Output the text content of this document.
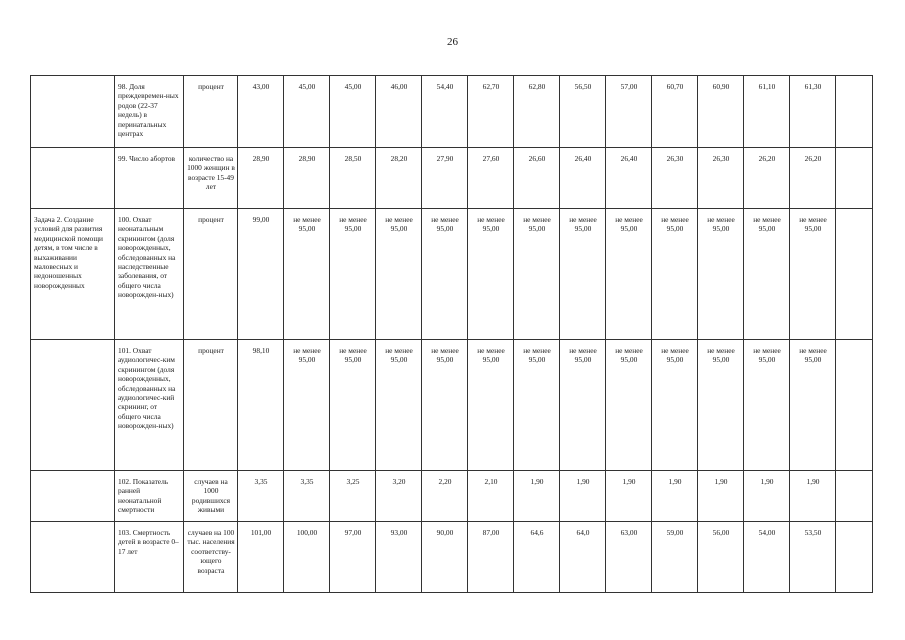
26
	98. Доля преждевремен-ных родов (22-37 недель) в перинатальных центрах	процент	43,00	45,00	45,00	46,00	54,40	62,70	62,80	56,50	57,00	60,70	60,90	61,10	61,30	
	99. Число абортов	количество на 1000 женщин в возрасте 15-49 лет	28,90	28,90	28,50	28,20	27,90	27,60	26,60	26,40	26,40	26,30	26,30	26,20	26,20	

Задача 2. Создание условий для развития медицинской помощи детям, в том числе в выхаживании маловесных и недоношенных новорожденных	100. Охват неонатальным скринингом (доля новорожденных, обследованных на наследственные заболевания, от общего числа новорожден-ных)	процент	99,00	не менее 95,00	не менее 95,00	не менее 95,00	не менее 95,00	не менее 95,00	не менее 95,00	не менее 95,00	не менее 95,00	не менее 95,00	не менее 95,00	не менее 95,00	не менее 95,00	
	101. Охват аудиологичес-ким скринингом (доля новорожденных, обследованных на аудиологичес-кий скрининг, от общего числа новорожден-ных)	процент	98,10	не менее 95,00	не менее 95,00	не менее 95,00	не менее 95,00	не менее 95,00	не менее 95,00	не менее 95,00	не менее 95,00	не менее 95,00	не менее 95,00	не менее 95,00	не менее 95,00	
	102. Показатель ранней неонатальной смертности	случаев на 1000 родившихся живыми	3,35	3,35	3,25	3,20	2,20	2,10	1,90	1,90	1,90	1,90	1,90	1,90	1,90	
	103. Смертность детей в возрасте 0–17 лет	случаев на 100 тыс. населения соответству-ющего возраста	101,00	100,00	97,00	93,00	90,00	87,00	64,6	64,0	63,00	59,00	56,00	54,00	53,50	
